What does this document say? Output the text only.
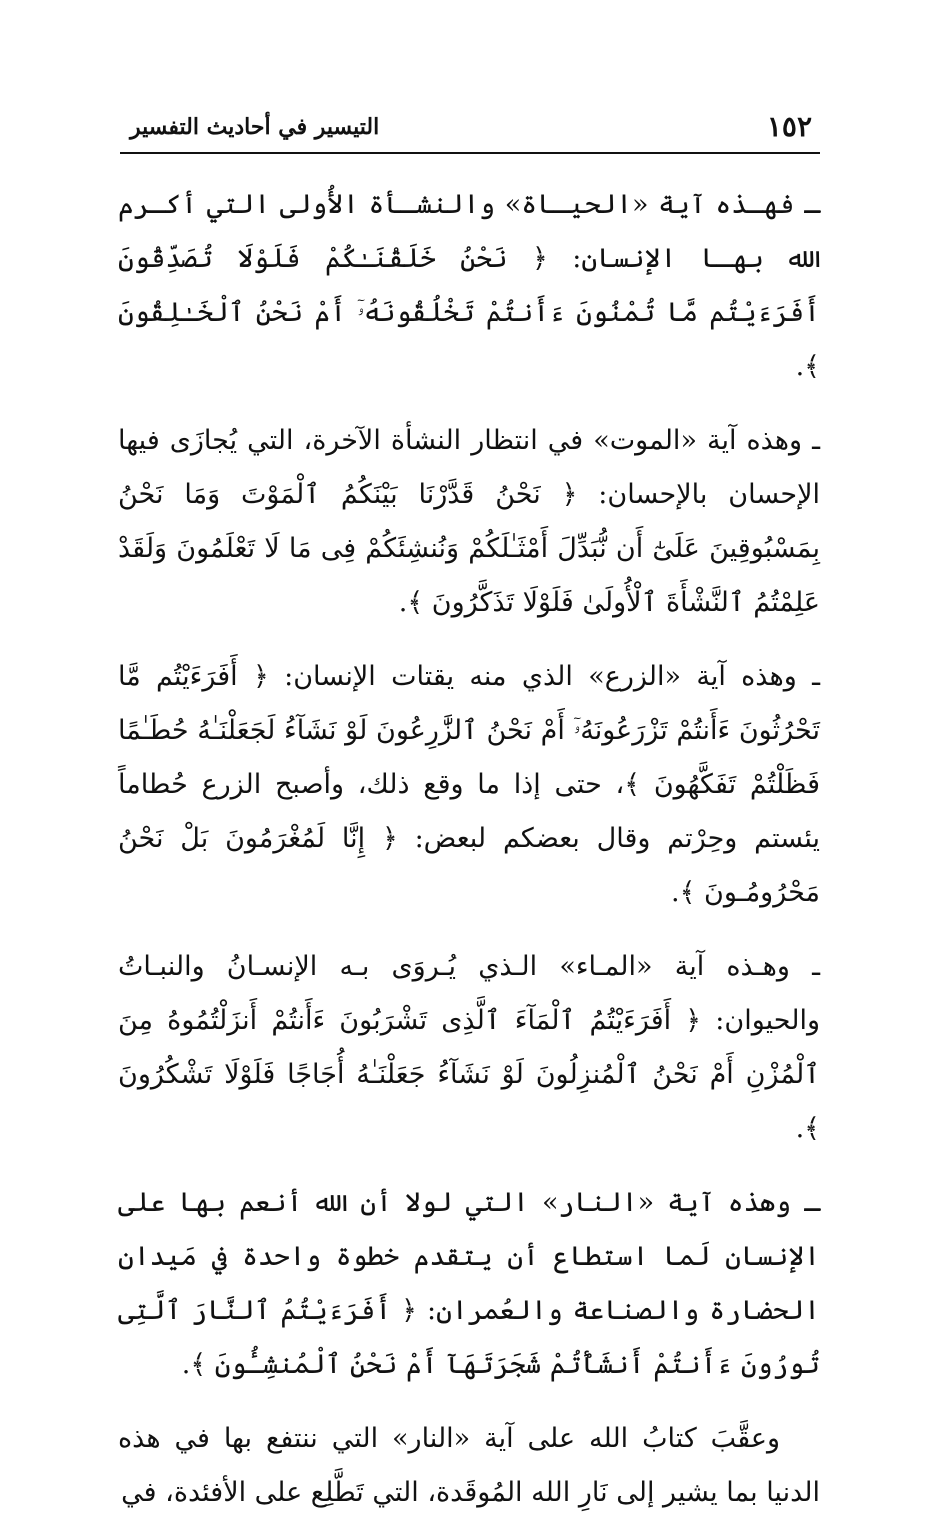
التيسير في أحاديث التفسير	١٥٢

ـ فهـذه آية «الحيـاة» والنشـأة الأُولى التي أكـرم الله بهـا الإنسان: ﴿ نَحْنُ خَلَقْنَـٰكُمْ فَلَوْلَا تُصَدِّقُونَ أَفَرَءَيْتُم مَّا تُمْنُونَ ءَأَنتُمْ تَخْلُقُونَهُۥٓ أَمْ نَحْنُ ٱلْخَـٰلِقُونَ ﴾.

ـ وهذه آية «الموت» في انتظار النشأة الآخرة، التي يُجازَى فيها الإحسان بالإحسان: ﴿ نَحْنُ قَدَّرْنَا بَيْنَكُمُ ٱلْمَوْتَ وَمَا نَحْنُ بِمَسْبُوقِينَ عَلَىٰٓ أَن نُّبَدِّلَ أَمْثَـٰلَكُمْ وَنُنشِئَكُمْ فِى مَا لَا تَعْلَمُونَ وَلَقَدْ عَلِمْتُمُ ٱلنَّشْأَةَ ٱلْأُولَىٰ فَلَوْلَا تَذَكَّرُونَ ﴾.

ـ وهذه آية «الزرع» الذي منه يقتات الإنسان: ﴿ أَفَرَءَيْتُم مَّا تَحْرُثُونَ ءَأَنتُمْ تَزْرَعُونَهُۥٓ أَمْ نَحْنُ ٱلزَّٰرِعُونَ لَوْ نَشَآءُ لَجَعَلْنَـٰهُ حُطَـٰمًا فَظَلْتُمْ تَفَكَّهُونَ ﴾، حتى إذا ما وقع ذلك، وأصبح الزرع حُطاماً يئستم وحِرْتم وقال بعضكم لبعض: ﴿ إِنَّا لَمُغْرَمُونَ بَلْ نَحْنُ مَحْرُومُـونَ ﴾.

ـ وهـذه آية «المـاء» الـذي يُـروَى بـه الإنسـانُ والنبـاتُ والحيوان: ﴿ أَفَرَءَيْتُمُ ٱلْمَآءَ ٱلَّذِى تَشْرَبُونَ ءَأَنتُمْ أَنزَلْتُمُوهُ مِنَ ٱلْمُزْنِ أَمْ نَحْنُ ٱلْمُنزِلُونَ لَوْ نَشَآءُ جَعَلْنَـٰهُ أُجَاجًا فَلَوْلَا تَشْكُرُونَ ﴾.

ـ وهذه آية «النار» التي لولا أن الله أنعم بها على الإنسان لَما استطاع أن يتقدم خطوة واحدة في مَيدان الحضارة والصناعة والعُمران: ﴿ أَفَرَءَيْتُمُ ٱلنَّارَ ٱلَّتِى تُورُونَ ءَأَنتُمْ أَنشَأْتُمْ شَجَرَتَهَآ أَمْ نَحْنُ ٱلْمُنشِـُٔونَ ﴾.

وعقَّبَ كتابُ الله على آية «النار» التي ننتفع بها في هذه الدنيا بما يشير إلى نَارِ الله المُوقَدة، التي تَطَّلِع على الأفئدة، في
